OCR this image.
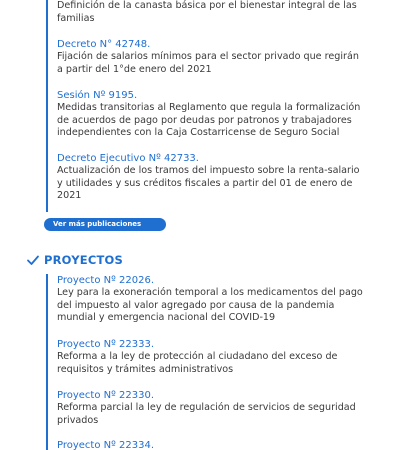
Definición de la canasta básica por el bienestar integral de las
familias
Decreto N° 42748.
Fijación de salarios mínimos para el sector privado que regirán
a partir del 1°de enero del 2021
Sesión Nº 9195.
Medidas transitorias al Reglamento que regula la formalización
de acuerdos de pago por deudas por patronos y trabajadores
independientes con la Caja Costarricense de Seguro Social
Decreto Ejecutivo Nº 42733.
Actualización de los tramos del impuesto sobre la renta-salario
y utilidades y sus créditos fiscales a partir del 01 de enero de
2021
Ver más publicaciones
PROYECTOS
Proyecto Nº 22026.
Ley para la exoneración temporal a los medicamentos del pago
del impuesto al valor agregado por causa de la pandemia
mundial y emergencia nacional del COVID-19
Proyecto Nº 22333.
Reforma a la ley de protección al ciudadano del exceso de
requisitos y trámites administrativos
Proyecto Nº 22330.
Reforma parcial la ley de regulación de servicios de seguridad
privados
Proyecto Nº 22334.
